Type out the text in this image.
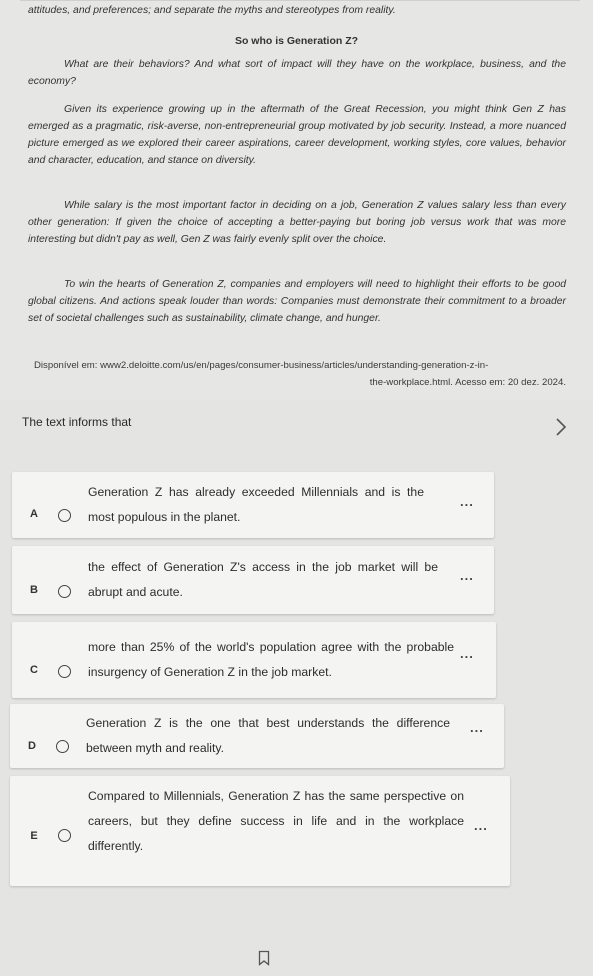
attitudes, and preferences; and separate the myths and stereotypes from reality.
So who is Generation Z?
What are their behaviors? And what sort of impact will they have on the workplace, business, and the economy?
Given its experience growing up in the aftermath of the Great Recession, you might think Gen Z has emerged as a pragmatic, risk-averse, non-entrepreneurial group motivated by job security. Instead, a more nuanced picture emerged as we explored their career aspirations, career development, working styles, core values, behavior and character, education, and stance on diversity.
While salary is the most important factor in deciding on a job, Generation Z values salary less than every other generation: If given the choice of accepting a better-paying but boring job versus work that was more interesting but didn't pay as well, Gen Z was fairly evenly split over the choice.
To win the hearts of Generation Z, companies and employers will need to highlight their efforts to be good global citizens. And actions speak louder than words: Companies must demonstrate their commitment to a broader set of societal challenges such as sustainability, climate change, and hunger.
Disponível em: www2.deloitte.com/us/en/pages/consumer-business/articles/understanding-generation-z-in-
the-workplace.html. Acesso em: 20 dez. 2024.
The text informs that
A
Generation Z has already exceeded Millennials and is the most populous in the planet.
...
B
the effect of Generation Z's access in the job market will be abrupt and acute.
...
C
more than 25% of the world's population agree with the probable insurgency of Generation Z in the job market.
...
D
Generation Z is the one that best understands the difference between myth and reality.
...
E
Compared to Millennials, Generation Z has the same perspective on careers, but they define success in life and in the workplace differently.
...
